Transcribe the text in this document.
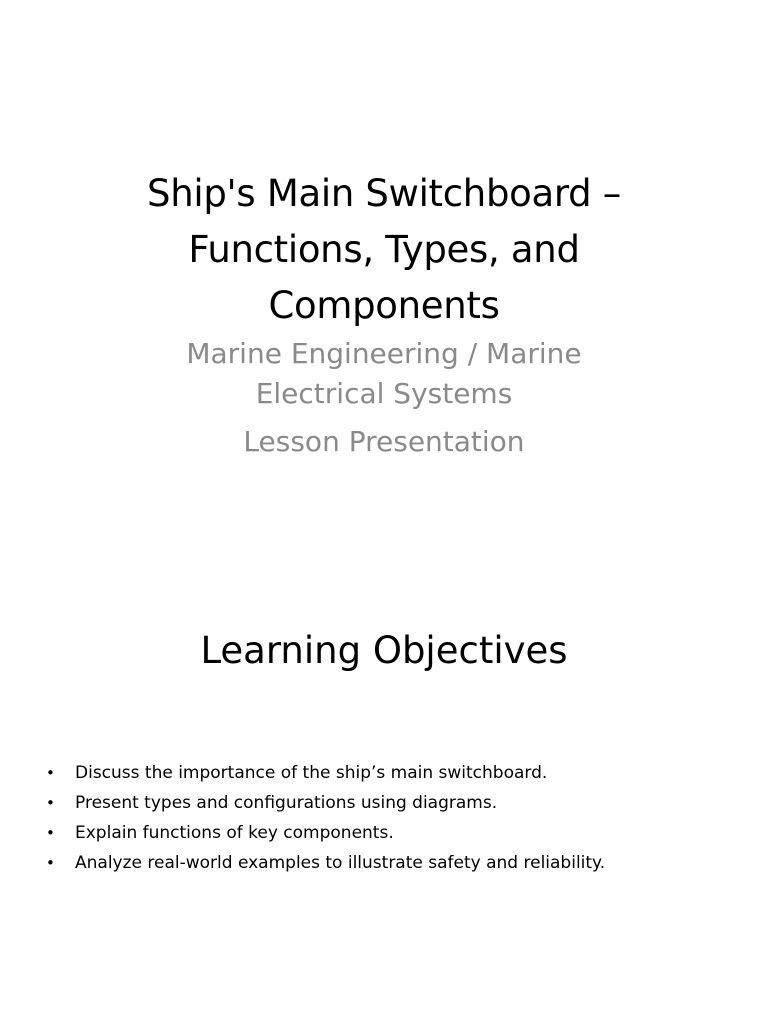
Ship's Main Switchboard – Functions, Types, and Components

Marine Engineering / Marine Electrical Systems

Lesson Presentation

Learning Objectives
• Discuss the importance of the ship’s main switchboard.
• Present types and configurations using diagrams.
• Explain functions of key components.
• Analyze real-world examples to illustrate safety and reliability.
